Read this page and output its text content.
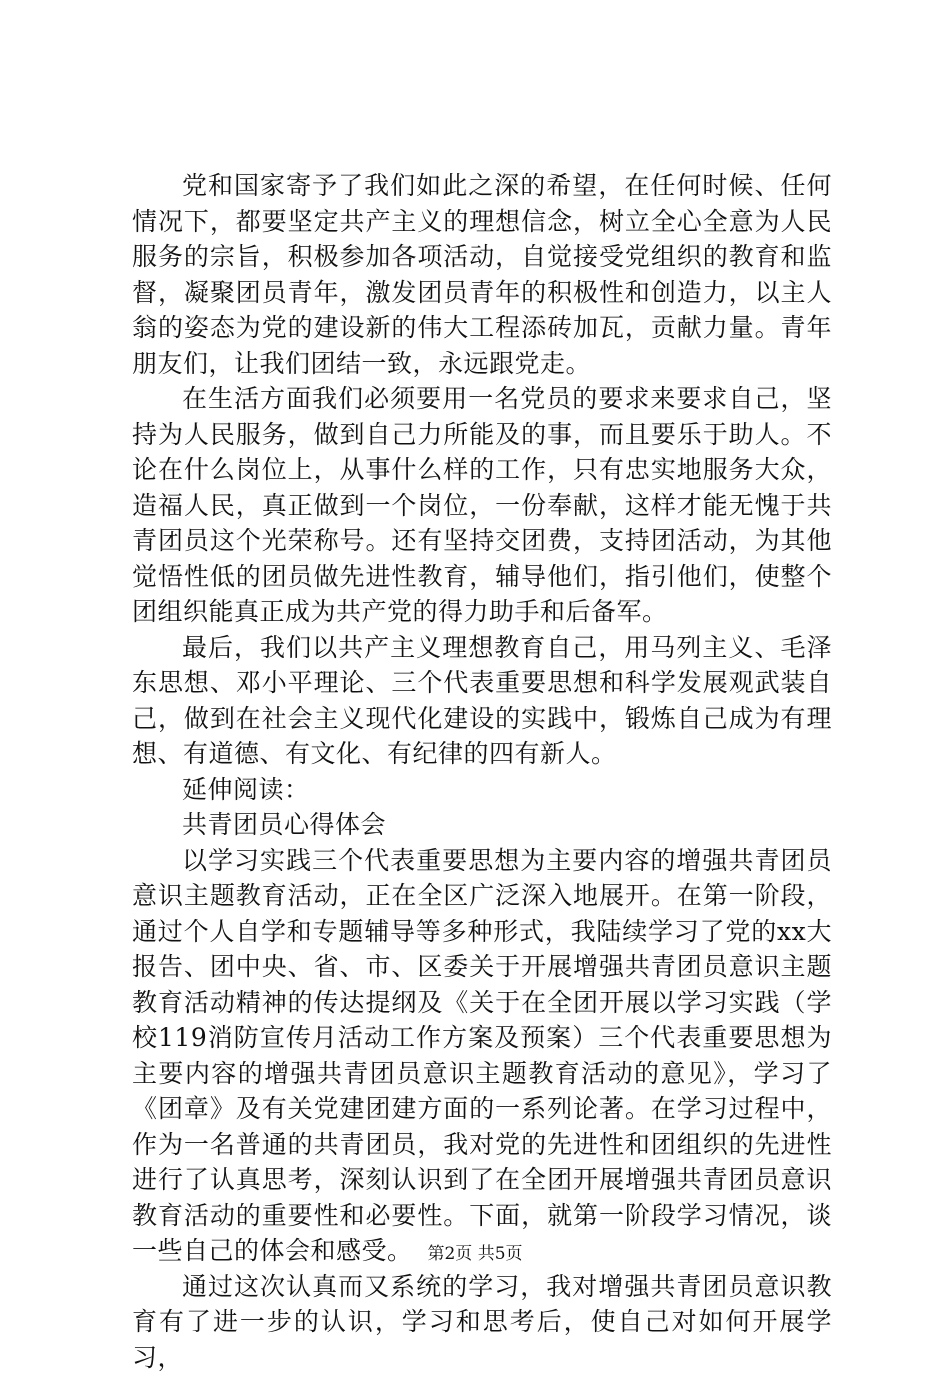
党和国家寄予了我们如此之深的希望，在任何时候、任何情况下，都要坚定共产主义的理想信念，树立全心全意为人民服务的宗旨，积极参加各项活动，自觉接受党组织的教育和监督，凝聚团员青年，激发团员青年的积极性和创造力，以主人翁的姿态为党的建设新的伟大工程添砖加瓦，贡献力量。青年朋友们，让我们团结一致，永远跟党走。

在生活方面我们必须要用一名党员的要求来要求自己，坚持为人民服务，做到自己力所能及的事，而且要乐于助人。不论在什么岗位上，从事什么样的工作，只有忠实地服务大众，造福人民，真正做到一个岗位，一份奉献，这样才能无愧于共青团员这个光荣称号。还有坚持交团费，支持团活动，为其他觉悟性低的团员做先进性教育，辅导他们，指引他们，使整个团组织能真正成为共产党的得力助手和后备军。

最后，我们以共产主义理想教育自己，用马列主义、毛泽东思想、邓小平理论、三个代表重要思想和科学发展观武装自己，做到在社会主义现代化建设的实践中，锻炼自己成为有理想、有道德、有文化、有纪律的四有新人。

延伸阅读：

共青团员心得体会

以学习实践三个代表重要思想为主要内容的增强共青团员意识主题教育活动，正在全区广泛深入地展开。在第一阶段，通过个人自学和专题辅导等多种形式，我陆续学习了党的xx大报告、团中央、省、市、区委关于开展增强共青团员意识主题教育活动精神的传达提纲及《关于在全团开展以学习实践（学校119消防宣传月活动工作方案及预案）三个代表重要思想为主要内容的增强共青团员意识主题教育活动的意见》，学习了《团章》及有关党建团建方面的一系列论著。在学习过程中，作为一名普通的共青团员，我对党的先进性和团组织的先进性进行了认真思考，深刻认识到了在全团开展增强共青团员意识教育活动的重要性和必要性。下面，就第一阶段学习情况，谈一些自己的体会和感受。

通过这次认真而又系统的学习，我对增强共青团员意识教育有了进一步的认识，学习和思考后，使自己对如何开展学习，

第2页 共5页
